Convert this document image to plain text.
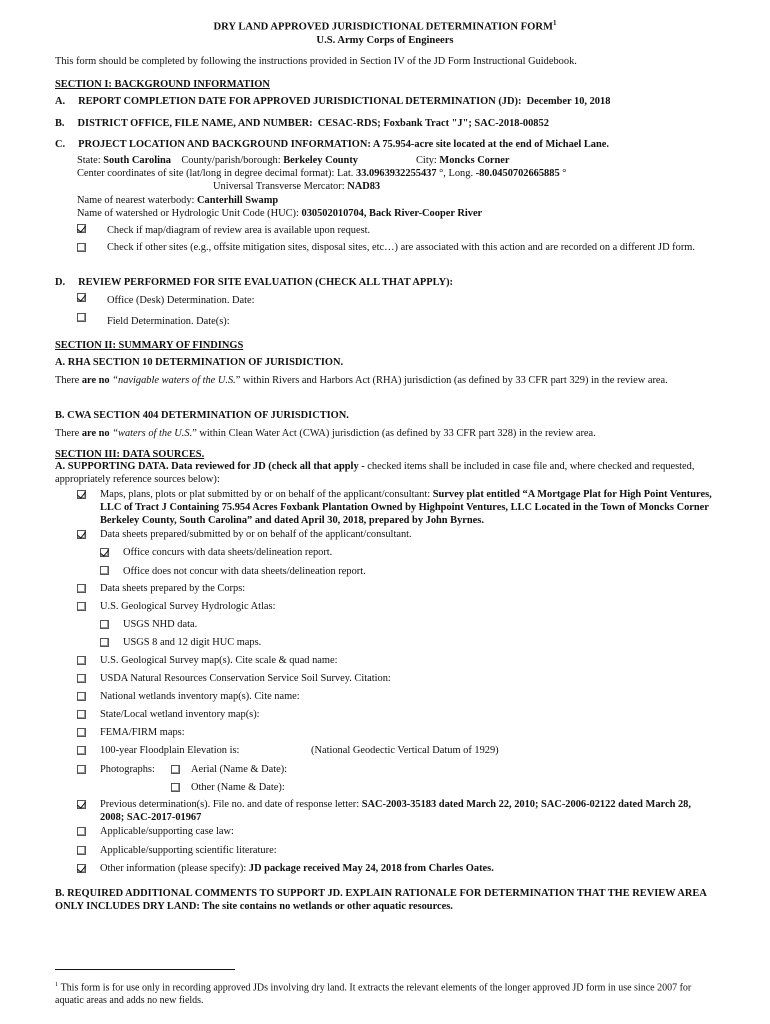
DRY LAND APPROVED JURISDICTIONAL DETERMINATION FORM$^1$
U.S. Army Corps of Engineers
This form should be completed by following the instructions provided in Section IV of the JD Form Instructional Guidebook.
SECTION I: BACKGROUND INFORMATION
A. REPORT COMPLETION DATE FOR APPROVED JURISDICTIONAL DETERMINATION (JD): December 10, 2018
B. DISTRICT OFFICE, FILE NAME, AND NUMBER: CESAC-RDS; Foxbank Tract "J"; SAC-2018-00852
C. PROJECT LOCATION AND BACKGROUND INFORMATION: A 75.954-acre site located at the end of Michael Lane.
State: South Carolina County/parish/borough: Berkeley County	City: Moncks Corner
Center coordinates of site (lat/long in degree decimal format): Lat. 33.0963932255437 °, Long. -80.0450702665885 °
Universal Transverse Mercator: NAD83
Name of nearest waterbody: Canterhill Swamp
Name of watershed or Hydrologic Unit Code (HUC): 030502010704, Back River-Cooper River
Check if map/diagram of review area is available upon request.
Check if other sites (e.g., offsite mitigation sites, disposal sites, etc…) are associated with this action and are recorded on a different JD form.
D. REVIEW PERFORMED FOR SITE EVALUATION (CHECK ALL THAT APPLY):
Office (Desk) Determination. Date:
Field Determination. Date(s):
SECTION II: SUMMARY OF FINDINGS
A. RHA SECTION 10 DETERMINATION OF JURISDICTION.
There are no “navigable waters of the U.S.” within Rivers and Harbors Act (RHA) jurisdiction (as defined by 33 CFR part 329) in the review area.
B. CWA SECTION 404 DETERMINATION OF JURISDICTION.
There are no “waters of the U.S.” within Clean Water Act (CWA) jurisdiction (as defined by 33 CFR part 328) in the review area.
SECTION III: DATA SOURCES.
A. SUPPORTING DATA. Data reviewed for JD (check all that apply - checked items shall be included in case file and, where checked and requested, appropriately reference sources below):
Maps, plans, plots or plat submitted by or on behalf of the applicant/consultant: Survey plat entitled “A Mortgage Plat for High Point Ventures, LLC of Tract J Containing 75.954 Acres Foxbank Plantation Owned by Highpoint Ventures, LLC Located in the Town of Moncks Corner Berkeley County, South Carolina” and dated April 30, 2018, prepared by John Byrnes.
Data sheets prepared/submitted by or on behalf of the applicant/consultant.
Office concurs with data sheets/delineation report.
Office does not concur with data sheets/delineation report.
Data sheets prepared by the Corps:
U.S. Geological Survey Hydrologic Atlas:
USGS NHD data.
USGS 8 and 12 digit HUC maps.
U.S. Geological Survey map(s). Cite scale & quad name:
USDA Natural Resources Conservation Service Soil Survey. Citation:
National wetlands inventory map(s). Cite name:
State/Local wetland inventory map(s):
FEMA/FIRM maps:
100-year Floodplain Elevation is:	(National Geodectic Vertical Datum of 1929)
Photographs:	Aerial (Name & Date):
Other (Name & Date):
Previous determination(s). File no. and date of response letter: SAC-2003-35183 dated March 22, 2010; SAC-2006-02122 dated March 28, 2008; SAC-2017-01967
Applicable/supporting case law:
Applicable/supporting scientific literature:
Other information (please specify): JD package received May 24, 2018 from Charles Oates.
B. REQUIRED ADDITIONAL COMMENTS TO SUPPORT JD. EXPLAIN RATIONALE FOR DETERMINATION THAT THE REVIEW AREA ONLY INCLUDES DRY LAND: The site contains no wetlands or other aquatic resources.
$^1$ This form is for use only in recording approved JDs involving dry land. It extracts the relevant elements of the longer approved JD form in use since 2007 for aquatic areas and adds no new fields.
